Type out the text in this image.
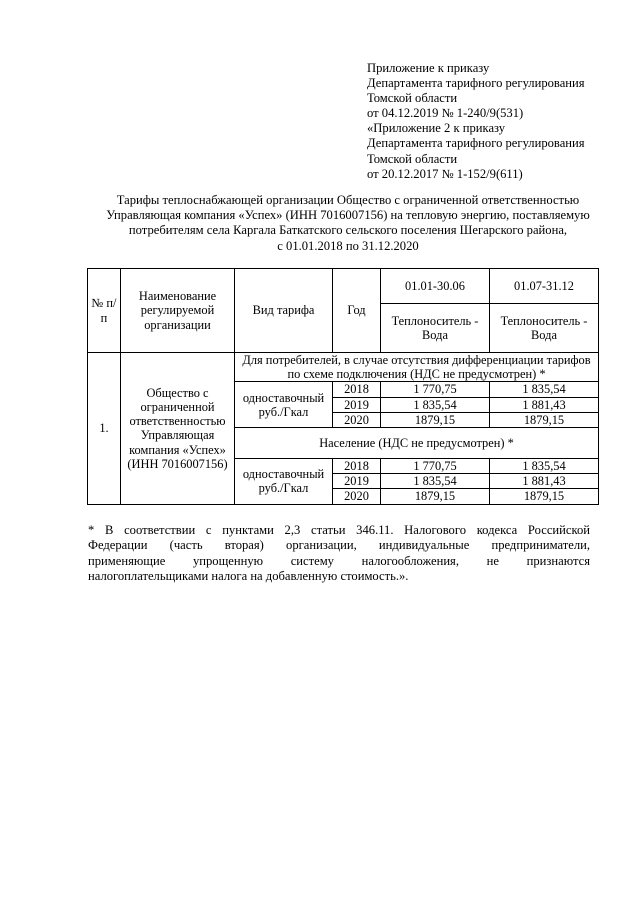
Приложение к приказу
Департамента тарифного регулирования
Томской области
от 04.12.2019 № 1-240/9(531)
«Приложение 2 к приказу
Департамента тарифного регулирования
Томской области
от 20.12.2017 № 1-152/9(611)
Тарифы теплоснабжающей организации Общество с ограниченной ответственностью
Управляющая компания «Успех» (ИНН 7016007156) на тепловую энергию, поставляемую
потребителям села Каргала Баткатского сельского поселения Шегарского района,
с 01.01.2018 по 31.12.2020
№ п/п	Наименование регулируемой организации	Вид тарифа	Год	01.01-30.06	01.07-31.12
				Теплоноситель - Вода	Теплоноситель - Вода
1.	Общество с ограниченной ответственностью Управляющая компания «Успех» (ИНН 7016007156)	Для потребителей, в случае отсутствия дифференциации тарифов по схеме подключения (НДС не предусмотрен) *			
		одноставочный руб./Гкал	2018	1 770,75	1 835,54
			2019	1 835,54	1 881,43
			2020	1879,15	1879,15
		Население (НДС не предусмотрен) *			
		одноставочный руб./Гкал	2018	1 770,75	1 835,54
			2019	1 835,54	1 881,43
			2020	1879,15	1879,15
* В соответствии с пунктами 2,3 статьи 346.11. Налогового кодекса Российской
Федерации (часть вторая) организации, индивидуальные предприниматели,
применяющие упрощенную систему налогообложения, не признаются
налогоплательщиками налога на добавленную стоимость.».
